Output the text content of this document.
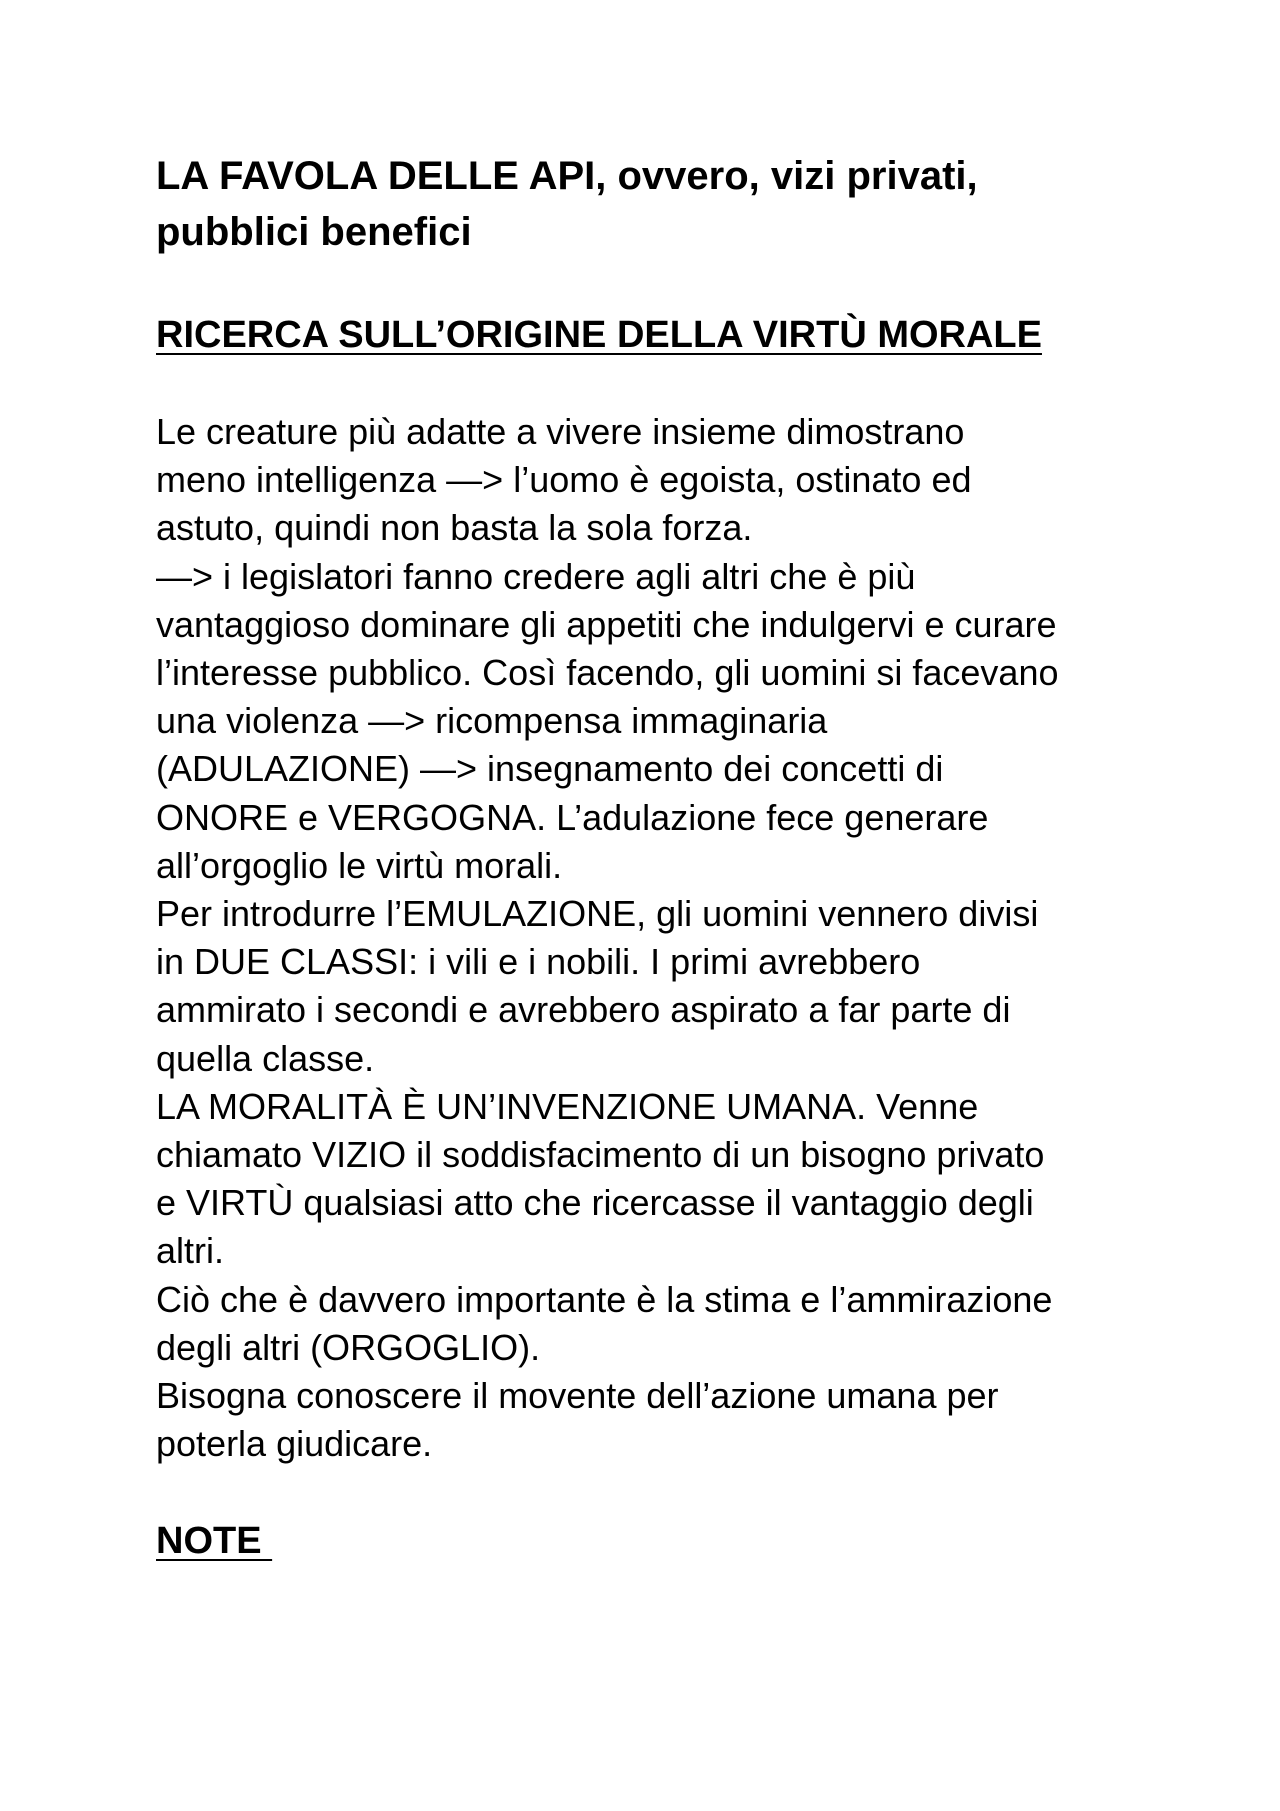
LA FAVOLA DELLE API, ovvero, vizi privati,
pubblici benefici
RICERCA SULL’ORIGINE DELLA VIRTÙ MORALE

Le creature più adatte a vivere insieme dimostrano
meno intelligenza —> l’uomo è egoista, ostinato ed
astuto, quindi non basta la sola forza.
—> i legislatori fanno credere agli altri che è più
vantaggioso dominare gli appetiti che indulgervi e curare
l’interesse pubblico. Così facendo, gli uomini si facevano
una violenza —> ricompensa immaginaria
(ADULAZIONE) —> insegnamento dei concetti di
ONORE e VERGOGNA. L’adulazione fece generare
all’orgoglio le virtù morali.
Per introdurre l’EMULAZIONE, gli uomini vennero divisi
in DUE CLASSI: i vili e i nobili. I primi avrebbero
ammirato i secondi e avrebbero aspirato a far parte di
quella classe.
LA MORALITÀ È UN’INVENZIONE UMANA. Venne
chiamato VIZIO il soddisfacimento di un bisogno privato
e VIRTÙ qualsiasi atto che ricercasse il vantaggio degli
altri.
Ciò che è davvero importante è la stima e l’ammirazione
degli altri (ORGOGLIO).
Bisogna conoscere il movente dell’azione umana per
poterla giudicare.

NOTE
